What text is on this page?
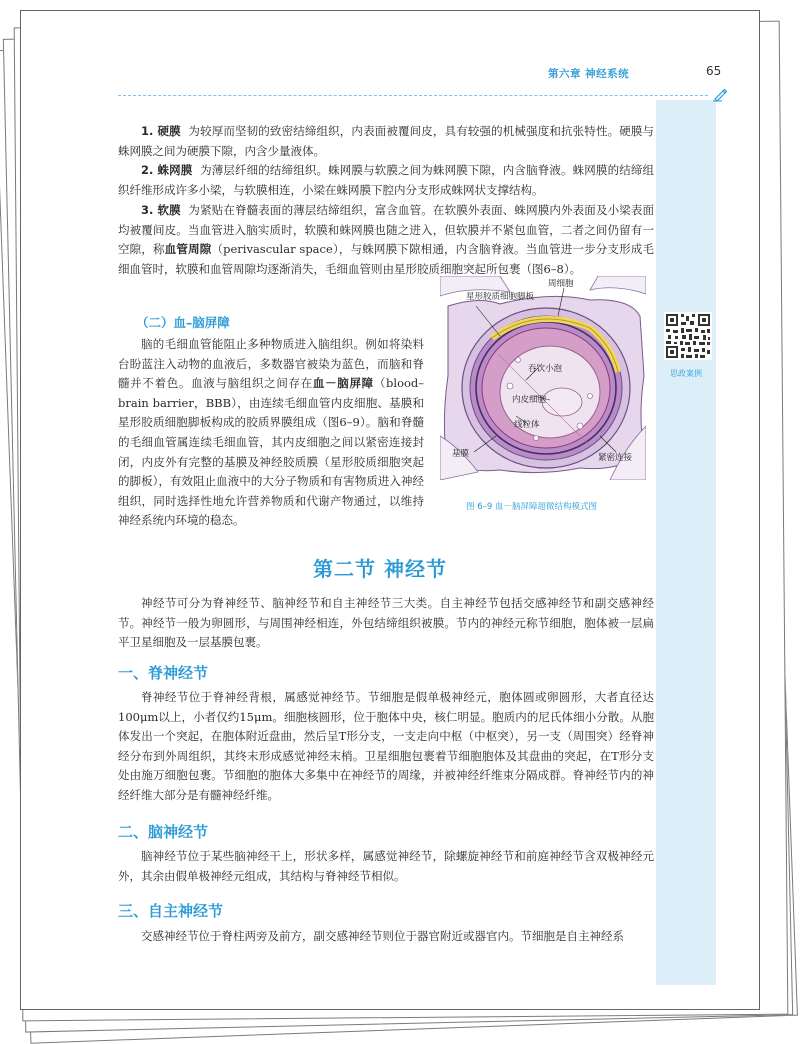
第六章 神经系统	65
思政案例

1. 硬膜 为较厚而坚韧的致密结缔组织，内表面被覆间皮，具有较强的机械强度和抗张特性。硬膜与蛛网膜之间为硬膜下隙，内含少量液体。

2. 蛛网膜 为薄层纤细的结缔组织。蛛网膜与软膜之间为蛛网膜下隙，内含脑脊液。蛛网膜的结缔组织纤维形成许多小梁，与软膜相连，小梁在蛛网膜下腔内分支形成蛛网状支撑结构。

3. 软膜 为紧贴在脊髓表面的薄层结缔组织，富含血管。在软膜外表面、蛛网膜内外表面及小梁表面均被覆间皮。当血管进入脑实质时，软膜和蛛网膜也随之进入，但软膜并不紧包血管，二者之间仍留有一空隙，称血管周隙（perivascular space），与蛛网膜下隙相通，内含脑脊液。当血管进一步分支形成毛细血管时，软膜和血管周隙均逐渐消失，毛细血管则由星形胶质细胞突起所包裹（图6–8）。

（二）血–脑屏障

脑的毛细血管能阻止多种物质进入脑组织。例如将染料台盼蓝注入动物的血液后，多数器官被染为蓝色，而脑和脊髓并不着色。血液与脑组织之间存在血－脑屏障（blood–brain barrier，BBB），由连续毛细血管内皮细胞、基膜和星形胶质细胞脚板构成的胶质界膜组成（图6–9）。脑和脊髓的毛细血管属连续毛细血管，其内皮细胞之间以紧密连接封闭，内皮外有完整的基膜及神经胶质膜（星形胶质细胞突起的脚板），有效阻止血液中的大分子物质和有害物质进入神经组织，同时选择性地允许营养物质和代谢产物通过，以维持神经系统内环境的稳态。

周细胞
星形胶质细胞脚板
吞饮小泡
内皮细胞
线粒体
基膜	紧密连接
图 6–9 血－脑屏障超微结构模式图
第二节 神经节

神经节可分为脊神经节、脑神经节和自主神经节三大类。自主神经节包括交感神经节和副交感神经节。神经节一般为卵圆形，与周围神经相连，外包结缔组织被膜。节内的神经元称节细胞，胞体被一层扁平卫星细胞及一层基膜包裹。

一、脊神经节

脊神经节位于脊神经背根，属感觉神经节。节细胞是假单极神经元，胞体圆或卵圆形，大者直径达100μm以上，小者仅约15μm。细胞核圆形，位于胞体中央，核仁明显。胞质内的尼氏体细小分散。从胞体发出一个突起，在胞体附近盘曲，然后呈T形分支，一支走向中枢（中枢突），另一支（周围突）经脊神经分布到外周组织，其终末形成感觉神经末梢。卫星细胞包裹着节细胞胞体及其盘曲的突起，在T形分支处由施万细胞包裹。节细胞的胞体大多集中在神经节的周缘，并被神经纤维束分隔成群。脊神经节内的神经纤维大部分是有髓神经纤维。

二、脑神经节

脑神经节位于某些脑神经干上，形状多样，属感觉神经节，除螺旋神经节和前庭神经节含双极神经元外，其余由假单极神经元组成，其结构与脊神经节相似。

三、自主神经节

交感神经节位于脊柱两旁及前方，副交感神经节则位于器官附近或器官内。节细胞是自主神经系
